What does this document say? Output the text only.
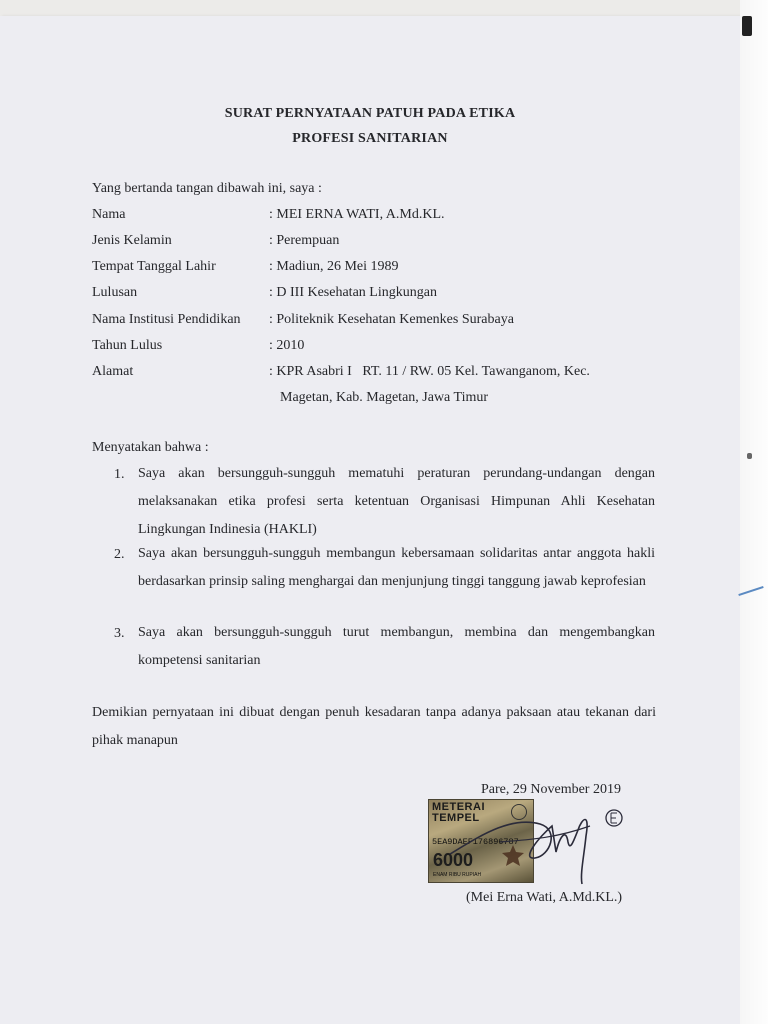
SURAT PERNYATAAN PATUH PADA ETIKA
PROFESI SANITARIAN
Yang bertanda tangan dibawah ini, saya :
Nama	: MEI ERNA WATI, A.Md.KL.
Jenis Kelamin	: Perempuan
Tempat Tanggal Lahir	: Madiun, 26 Mei 1989
Lulusan	: D III Kesehatan Lingkungan
Nama Institusi Pendidikan : Politeknik Kesehatan Kemenkes Surabaya
Tahun Lulus	: 2010
Alamat	: KPR Asabri I   RT. 11 / RW. 05 Kel. Tawanganom, Kec.
Magetan, Kab. Magetan, Jawa Timur
Menyatakan bahwa :
1. Saya akan bersungguh-sungguh mematuhi peraturan perundang-undangan dengan melaksanakan etika profesi serta ketentuan Organisasi Himpunan Ahli Kesehatan Lingkungan Indinesia (HAKLI)
2. Saya akan bersungguh-sungguh membangun kebersamaan solidaritas antar anggota hakli berdasarkan prinsip saling menghargai dan menjunjung tinggi tanggung jawab keprofesian
3. Saya akan bersungguh-sungguh turut membangun, membina dan mengembangkan kompetensi sanitarian
Demikian pernyataan ini dibuat dengan penuh kesadaran tanpa adanya paksaan atau tekanan dari pihak manapun
Pare, 29 November 2019
METERAI TEMPEL
5EA9DAEF176896787
6000
ENAM RIBU RUPIAH
(Mei Erna Wati, A.Md.KL.)
